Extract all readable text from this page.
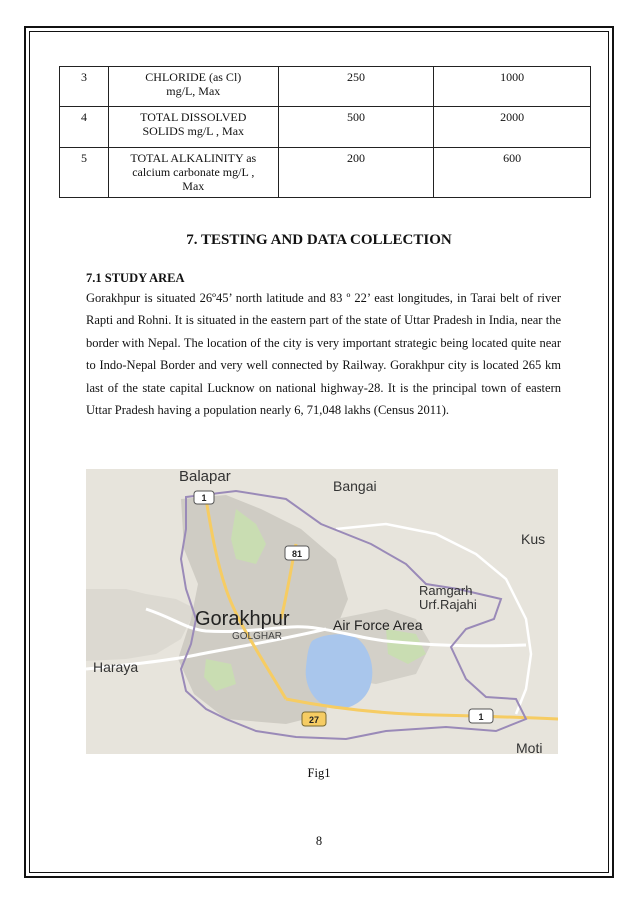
3	CHLORIDE (as Cl)
mg/L, Max	250	1000
4	TOTAL DISSOLVED
SOLIDS mg/L , Max	500	2000
5	TOTAL ALKALINITY as
calcium carbonate mg/L ,
Max	200	600
7. TESTING AND DATA COLLECTION
7.1 STUDY AREA

Gorakhpur is situated 26º45’ north latitude and 83 º 22’ east longitudes, in Tarai belt of river Rapti and Rohni. It is situated in the eastern part of the state of Uttar Pradesh in India, near the border with Nepal. The location of the city is very important strategic being located quite near to Indo-Nepal Border and very well connected by Railway. Gorakhpur city is located 265 km last of the state capital Lucknow on national highway-28. It is the principal town of eastern Uttar Pradesh having a population nearly 6, 71,048 lakhs (Census 2011).

Balapar
Bangai
Kus
Ramgarh
Urf.Rajahi
Gorakhpur
GOLGHAR
Air Force Area
Haraya
Moti
1
81
27	1
Fig1
8
